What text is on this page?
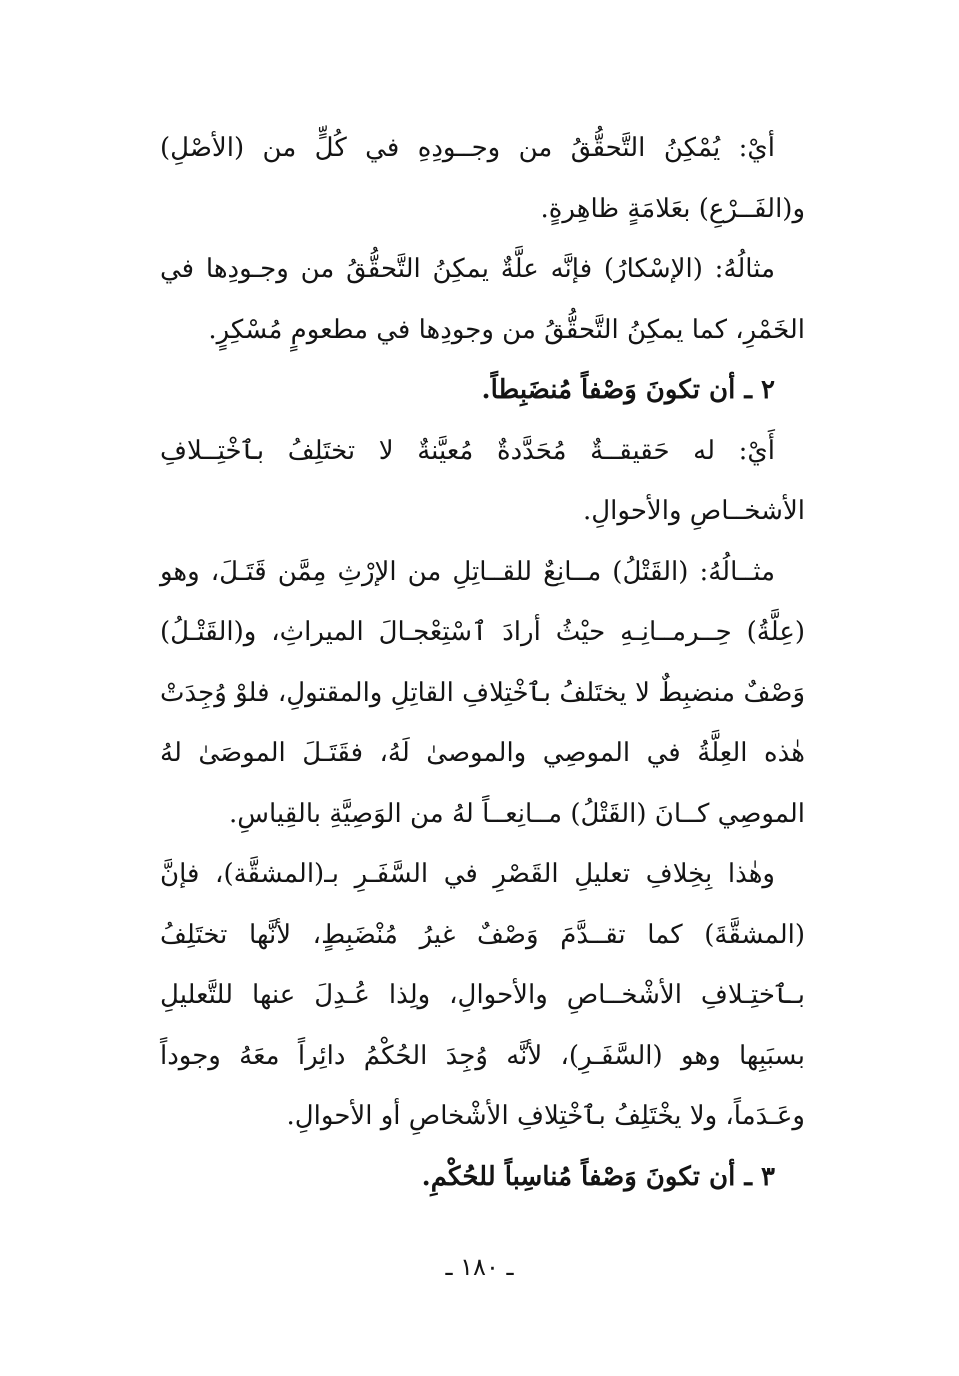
أيْ: يُمْكِنُ التَّحقُّقُ من وجــودِهِ في كُلٍّ من (الأصْلِ) و(الفَــرْعِ) بعَلامَةٍ ظاهِرةٍ.

مثالُهُ: (الإسْكارُ) فإنَّه علَّةٌ يمكِنُ التَّحقُّقُ من وجـودِها في الخَمْرِ، كما يمكِنُ التَّحقُّقُ من وجودِها في مطعومٍ مُسْكِرٍ.

٢ ـ أن تكونَ وَصْفاً مُنضَبِطاً.

أَيْ: له حَقيقــةٌ مُحَدَّدةٌ مُعيَّنةٌ لا تختَلِفُ بٱخْتِــلافِ الأشخــاصِ والأحوالِ.

مثــالُهُ: (القَتْلُ) مــانِعٌ للقــاتِلِ من الإرْثِ مِمَّن قَتَـلَ، وهو (عِلَّةُ) حِــرمــانِـهِ حيْثُ أرادَ ٱسْتِعْجـالَ الميراثِ، و(القَتْـلُ) وَصْفٌ منضبِطٌ لا يختَلفُ بٱخْتِلافِ القاتِلِ والمقتولِ، فلوْ وُجِدَتْ هٰذه العِلَّةُ في الموصِي والموصىٰ لَهُ، فقَتَـلَ الموصَىٰ لهُ الموصِي كــانَ (القَتْلُ) مــانِعــاً لهُ من الوَصِيَّةِ بالقِياسِ.

وهٰذا بِخِلافِ تعليلِ القَصْرِ في السَّفَـرِ بـ(المشقَّة)، فإنَّ (المشقَّةَ) كما تقــدَّمَ وَصْفٌ غيرُ مُنْضَبِطٍ، لأنَّها تختَلِفُ بـٱختِـلافِ الأشْخــاصِ والأحوالِ، ولِذا عُـدِلَ عنها للتَّعليلِ بسبَبِها وهو (السَّفَـرِ)، لأنَّه وُجِدَ الحُكْمُ دائِراً معَهُ وجوداً وعَـدَماً، ولا يخْتَلِفُ بٱخْتِلافِ الأشْخاصِ أو الأحوالِ.

٣ ـ أن تكونَ وَصْفاً مُناسِباً للحُكْمِ.

ـ ١٨٠ ـ
